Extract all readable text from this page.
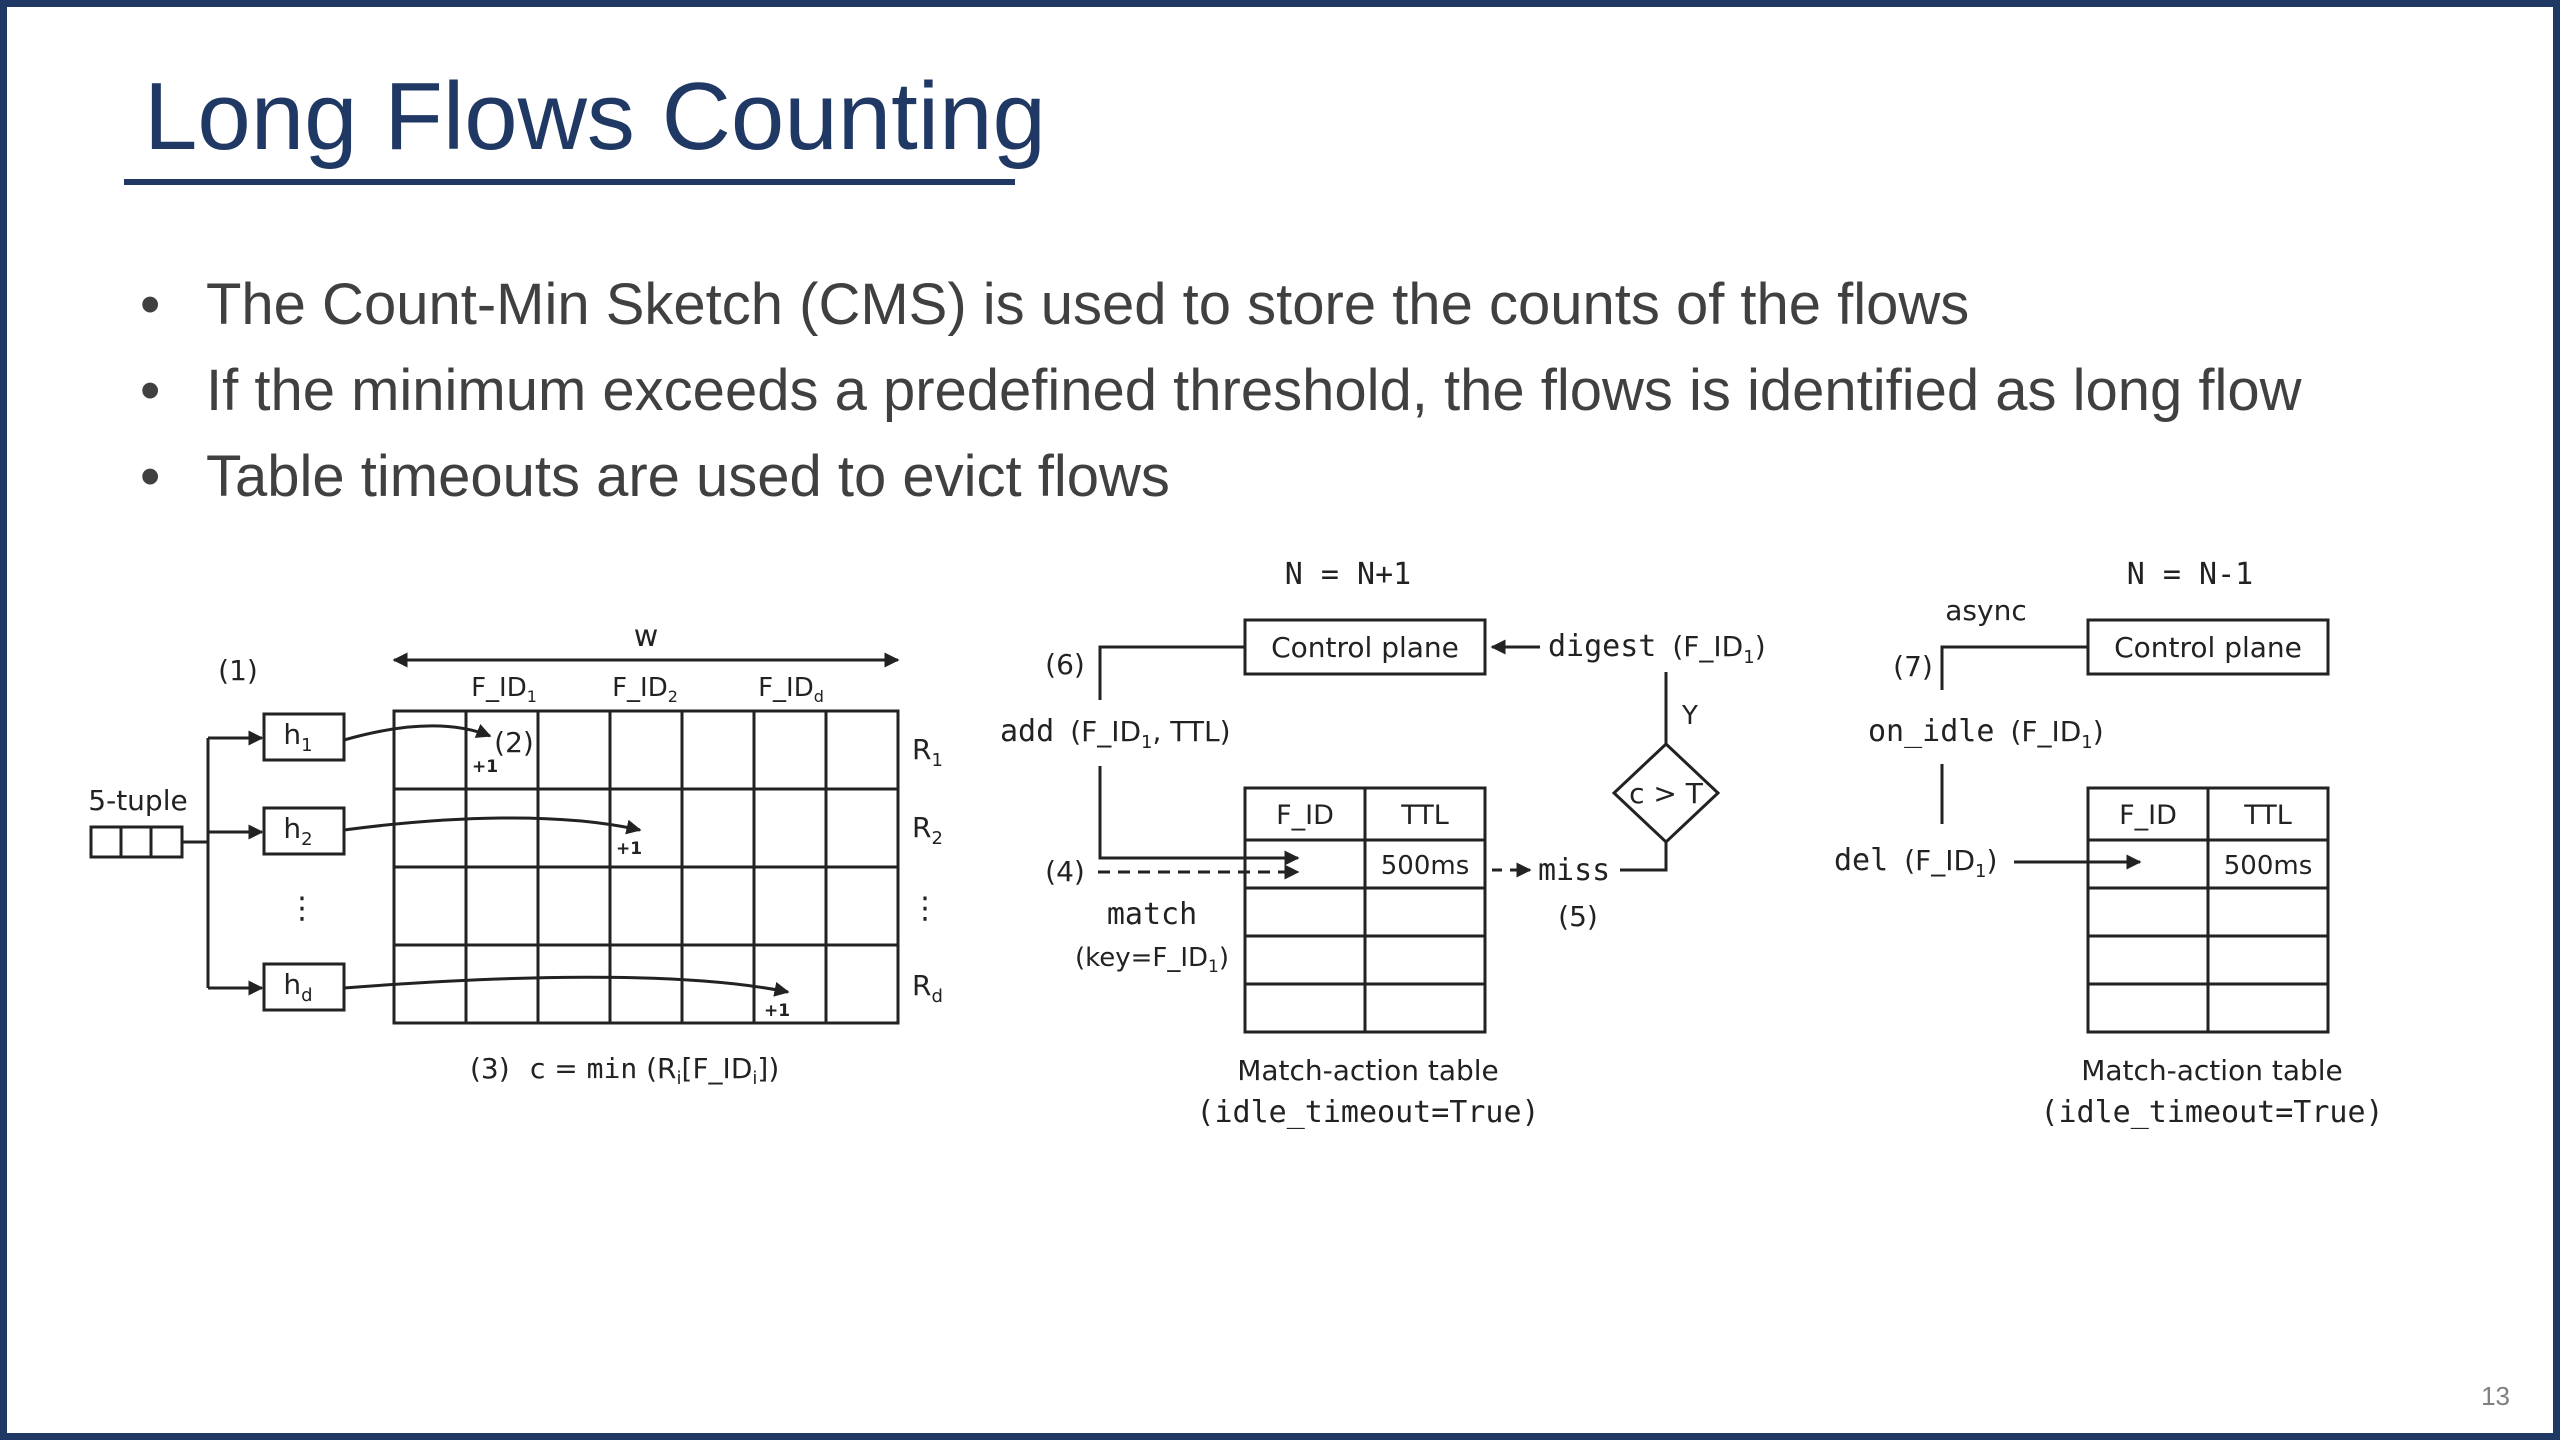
Long Flows Counting
• The Count-Min Sketch (CMS) is used to store the counts of the flows
• If the minimum exceeds a predefined threshold, the flows is identified as long flow
• Table timeouts are used to evict flows
5-tuple
(1)
$h_1$
$h_2$
⋮
$h_d$
w
$F\_ID_1$	$F\_ID_2$	$F\_ID_d$
$R_1$
$R_2$
⋮
$R_d$
+1
+1
+1
(2)
(3) $c = \min (R_i[F\_ID_i])$
N = N+1
Control plane	digest $(F\_ID_1)$
(6)
add ($F\_ID_1$, TTL)
(4)
match
$(key=F\_ID_1)$
F_ID TTL
500ms
Match-action table
(idle_timeout=True)
miss
(5)
c > T
Y
N = N-1
async
Control plane
(7)
on_idle $(F\_ID_1)$
del $(F\_ID_1)$
F_ID TTL
500ms
Match-action table
(idle_timeout=True)
13
